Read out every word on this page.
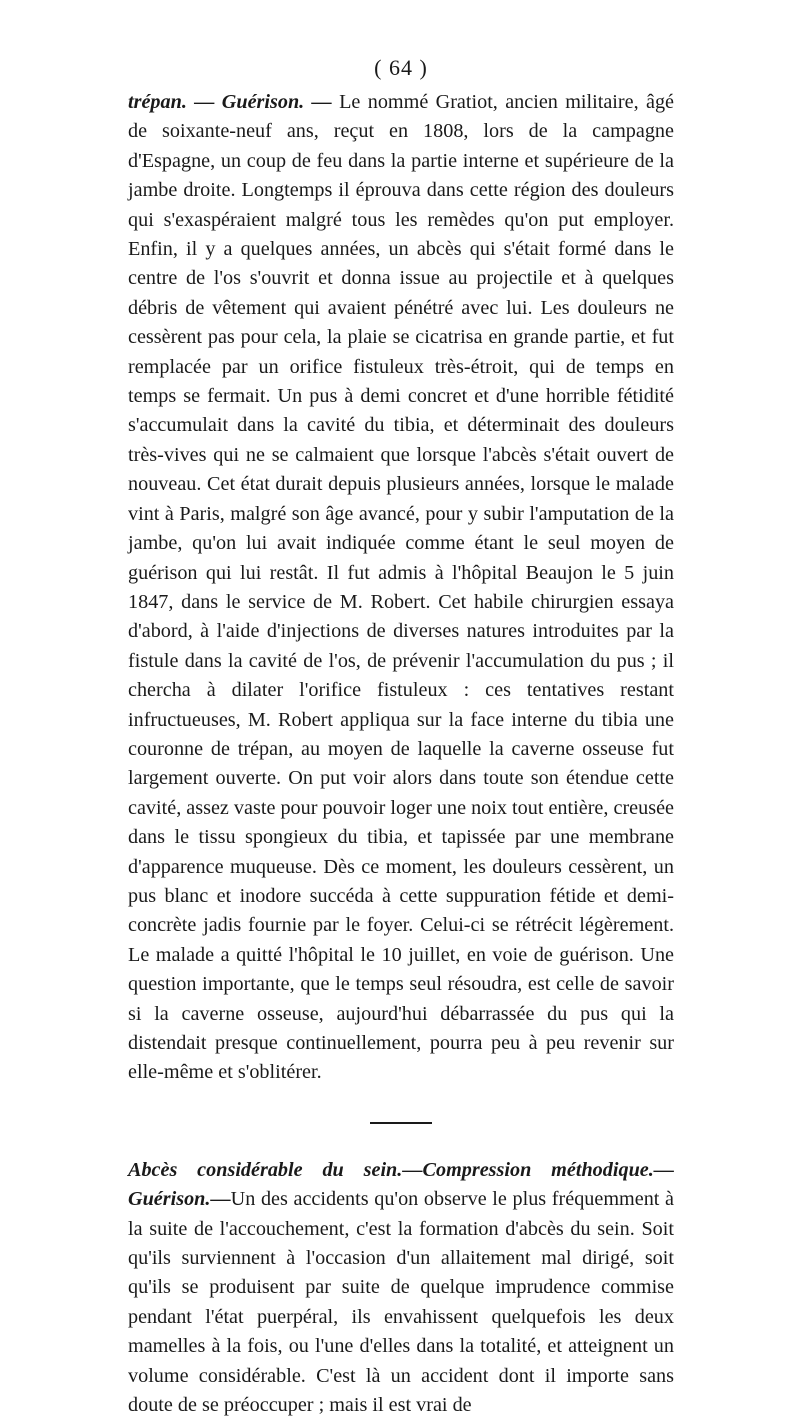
( 64 )

trépan. — Guérison. — Le nommé Gratiot, ancien militaire, âgé de soixante-neuf ans, reçut en 1808, lors de la campagne d'Espagne, un coup de feu dans la partie interne et supérieure de la jambe droite. Longtemps il éprouva dans cette région des douleurs qui s'exaspéraient malgré tous les remèdes qu'on put employer. Enfin, il y a quelques années, un abcès qui s'était formé dans le centre de l'os s'ouvrit et donna issue au projectile et à quelques débris de vêtement qui avaient pénétré avec lui. Les douleurs ne cessèrent pas pour cela, la plaie se cicatrisa en grande partie, et fut remplacée par un orifice fistuleux très-étroit, qui de temps en temps se fermait. Un pus à demi concret et d'une horrible fétidité s'accumulait dans la cavité du tibia, et déterminait des douleurs très-vives qui ne se calmaient que lorsque l'abcès s'était ouvert de nouveau. Cet état durait depuis plusieurs années, lorsque le malade vint à Paris, malgré son âge avancé, pour y subir l'amputation de la jambe, qu'on lui avait indiquée comme étant le seul moyen de guérison qui lui restât. Il fut admis à l'hôpital Beaujon le 5 juin 1847, dans le service de M. Robert. Cet habile chirurgien essaya d'abord, à l'aide d'injections de diverses natures introduites par la fistule dans la cavité de l'os, de prévenir l'accumulation du pus ; il chercha à dilater l'orifice fistuleux : ces tentatives restant infructueuses, M. Robert appliqua sur la face interne du tibia une couronne de trépan, au moyen de laquelle la caverne osseuse fut largement ouverte. On put voir alors dans toute son étendue cette cavité, assez vaste pour pouvoir loger une noix tout entière, creusée dans le tissu spongieux du tibia, et tapissée par une membrane d'apparence muqueuse. Dès ce moment, les douleurs cessèrent, un pus blanc et inodore succéda à cette suppuration fétide et demi-concrète jadis fournie par le foyer. Celui-ci se rétrécit légèrement. Le malade a quitté l'hôpital le 10 juillet, en voie de guérison. Une question importante, que le temps seul résoudra, est celle de savoir si la caverne osseuse, aujourd'hui débarrassée du pus qui la distendait presque continuellement, pourra peu à peu revenir sur elle-même et s'oblitérer.

Abcès considérable du sein.—Compression méthodique.—Guérison.—Un des accidents qu'on observe le plus fréquemment à la suite de l'accouchement, c'est la formation d'abcès du sein. Soit qu'ils surviennent à l'occasion d'un allaitement mal dirigé, soit qu'ils se produisent par suite de quelque imprudence commise pendant l'état puerpéral, ils envahissent quelquefois les deux mamelles à la fois, ou l'une d'elles dans la totalité, et atteignent un volume considérable. C'est là un accident dont il importe sans doute de se préoccuper ; mais il est vrai de
